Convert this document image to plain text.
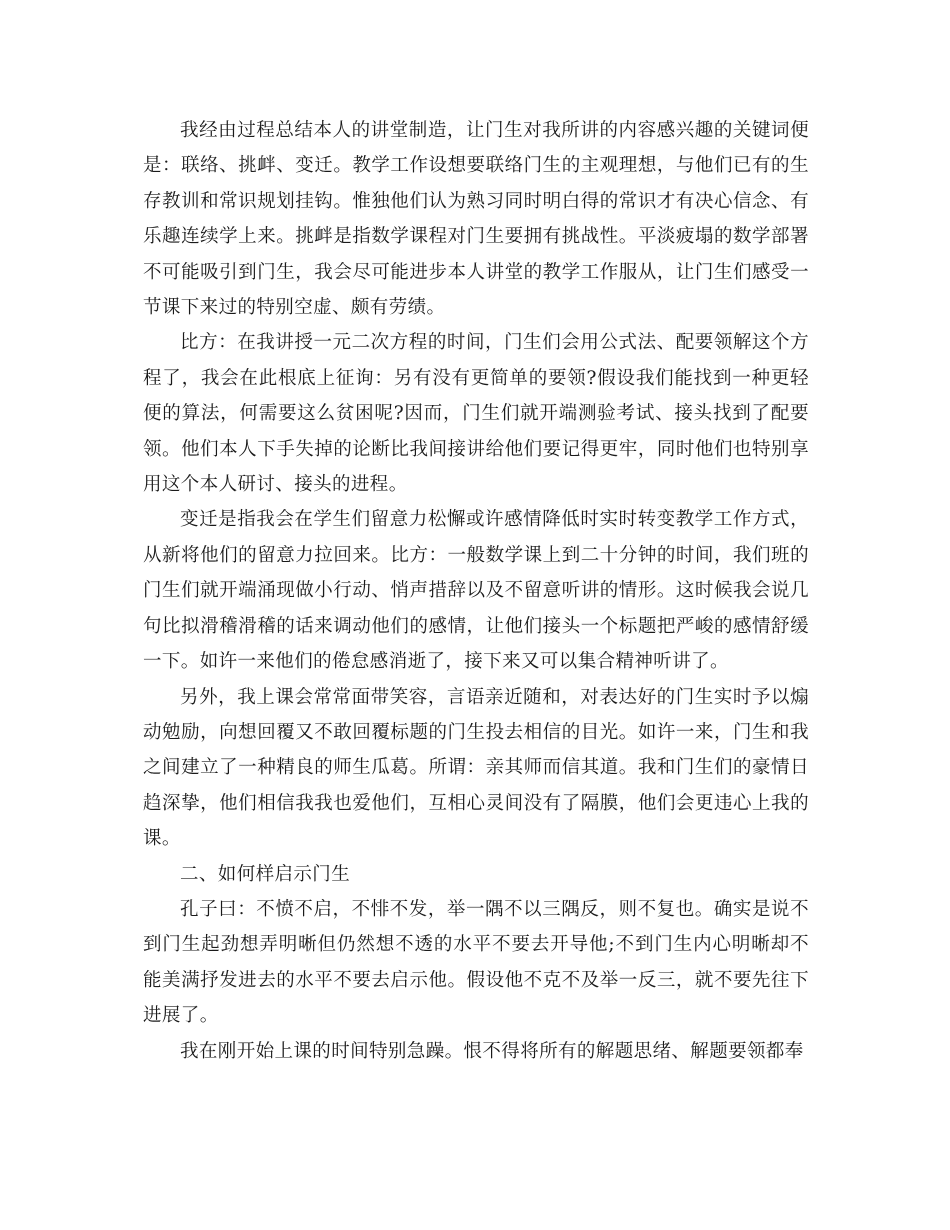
我经由过程总结本人的讲堂制造，让门生对我所讲的内容感兴趣的关键词便是：联络、挑衅、变迁。教学工作设想要联络门生的主观理想，与他们已有的生存教训和常识规划挂钩。惟独他们认为熟习同时明白得的常识才有决心信念、有乐趣连续学上来。挑衅是指数学课程对门生要拥有挑战性。平淡疲塌的数学部署不可能吸引到门生，我会尽可能进步本人讲堂的教学工作服从，让门生们感受一节课下来过的特别空虚、颇有劳绩。

比方：在我讲授一元二次方程的时间，门生们会用公式法、配要领解这个方程了，我会在此根底上征询：另有没有更简单的要领?假设我们能找到一种更轻便的算法，何需要这么贫困呢?因而，门生们就开端测验考试、接头找到了配要领。他们本人下手失掉的论断比我间接讲给他们要记得更牢，同时他们也特别享用这个本人研讨、接头的进程。

变迁是指我会在学生们留意力松懈或许感情降低时实时转变教学工作方式，从新将他们的留意力拉回来。比方：一般数学课上到二十分钟的时间，我们班的门生们就开端涌现做小行动、悄声措辞以及不留意听讲的情形。这时候我会说几句比拟滑稽滑稽的话来调动他们的感情，让他们接头一个标题把严峻的感情舒缓一下。如许一来他们的倦怠感消逝了，接下来又可以集合精神听讲了。

另外，我上课会常常面带笑容，言语亲近随和，对表达好的门生实时予以煽动勉励，向想回覆又不敢回覆标题的门生投去相信的目光。如许一来，门生和我之间建立了一种精良的师生瓜葛。所谓：亲其师而信其道。我和门生们的豪情日趋深挚，他们相信我我也爱他们，互相心灵间没有了隔膜，他们会更违心上我的课。

二、如何样启示门生

孔子曰：不愤不启，不悱不发，举一隅不以三隅反，则不复也。确实是说不到门生起劲想弄明晰但仍然想不透的水平不要去开导他;不到门生内心明晰却不能美满抒发进去的水平不要去启示他。假设他不克不及举一反三，就不要先往下进展了。

我在刚开始上课的时间特别急躁。恨不得将所有的解题思绪、解题要领都奉
